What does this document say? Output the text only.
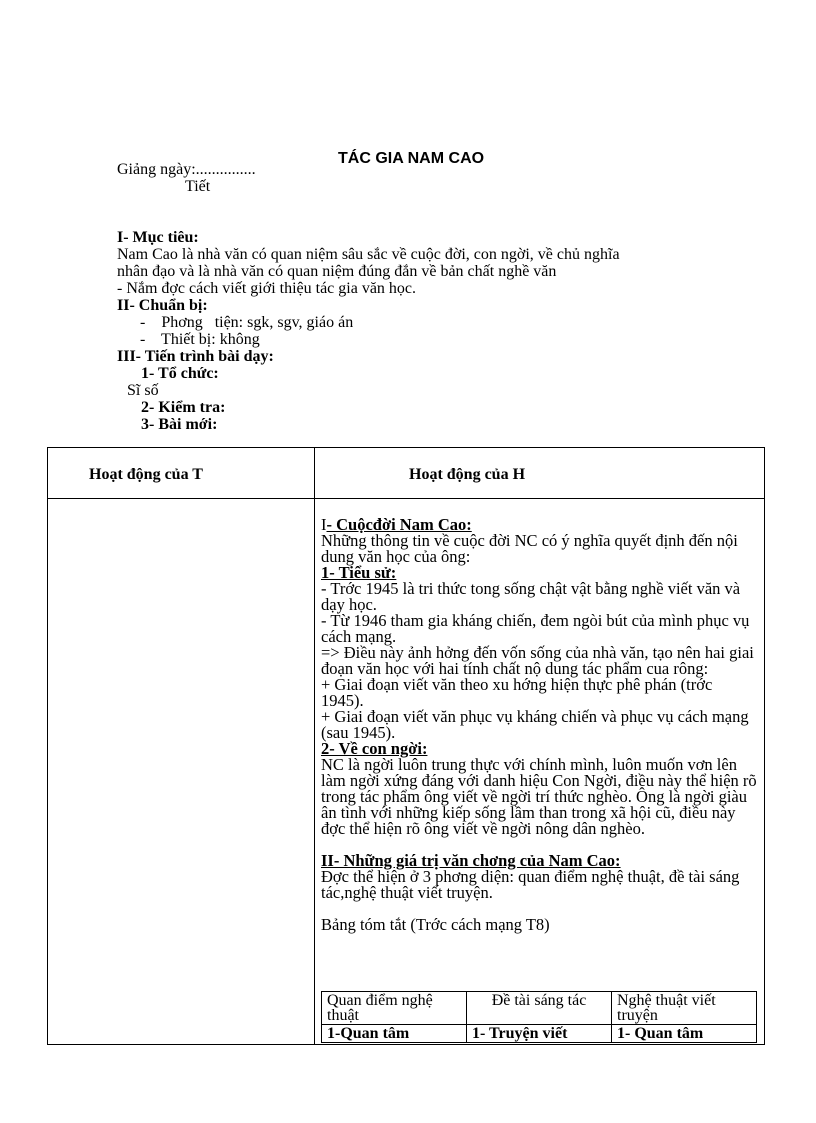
TÁC GIA NAM CAO
Giảng ngày:...............
Tiết
I- Mục tiêu:
Nam Cao là nhà văn có quan niệm sâu sắc về cuộc đời, con ngời, về chủ nghĩa
nhân đạo và là nhà văn có quan niệm đúng đắn về bản chất nghề văn
- Nắm đợc cách viết giới thiệu tác gia văn học.
II- Chuẩn bị:
-    Phơng   tiện: sgk, sgv, giáo án
-    Thiết bị: không
III- Tiến trình bài dạy:
1- Tổ chức:
Sĩ số
2- Kiểm tra:
3- Bài mới:
Hoạt động của T	Hoạt động của H

I- Cuộcđời Nam Cao:

Những thông tin về cuộc đời NC có ý nghĩa quyết định đến nội dung văn học của ông:

1- Tiểu sử:

- Trớc 1945 là tri thức tong sống chật vật bằng nghề viết văn và dạy học.

- Từ 1946 tham gia kháng chiến, đem ngòi bút của mình phục vụ cách mạng.

=> Điều này ảnh hởng đến vốn sống của nhà văn, tạo nên hai giai đoạn văn học với hai tính chất nộ dung tác phẩm cua rông:

+ Giai đoạn viết văn theo xu hớng hiện thực phê phán (trớc 1945).

+ Giai đoạn viết văn phục vụ kháng chiến và phục vụ cách mạng (sau 1945).

2- Về con ngời:

NC là ngời luôn trung thực với chính mình, luôn muốn vơn lên làm ngời xứng đáng với danh hiệu Con Ngời, điều này thể hiện rõ trong tác phẩm ông viết về ngời trí thức nghèo. Ông là ngời giàu ân tình với những kiếp sống lầm than trong xã hội cũ, điều này đợc thể hiện rõ ông viết về ngời nông dân nghèo.

II- Những giá trị văn chơng của Nam Cao:

Đợc thể hiện ở 3 phơng diện: quan điểm nghệ thuật, đề tài sáng tác,nghệ thuật viết truyện.

Bảng tóm tắt (Trớc cách mạng T8)

Quan điểm nghệ thuật	Đề tài sáng tác	Nghệ thuật viết truyện
1-Quan tâm	1- Truyện viết	1- Quan tâm
